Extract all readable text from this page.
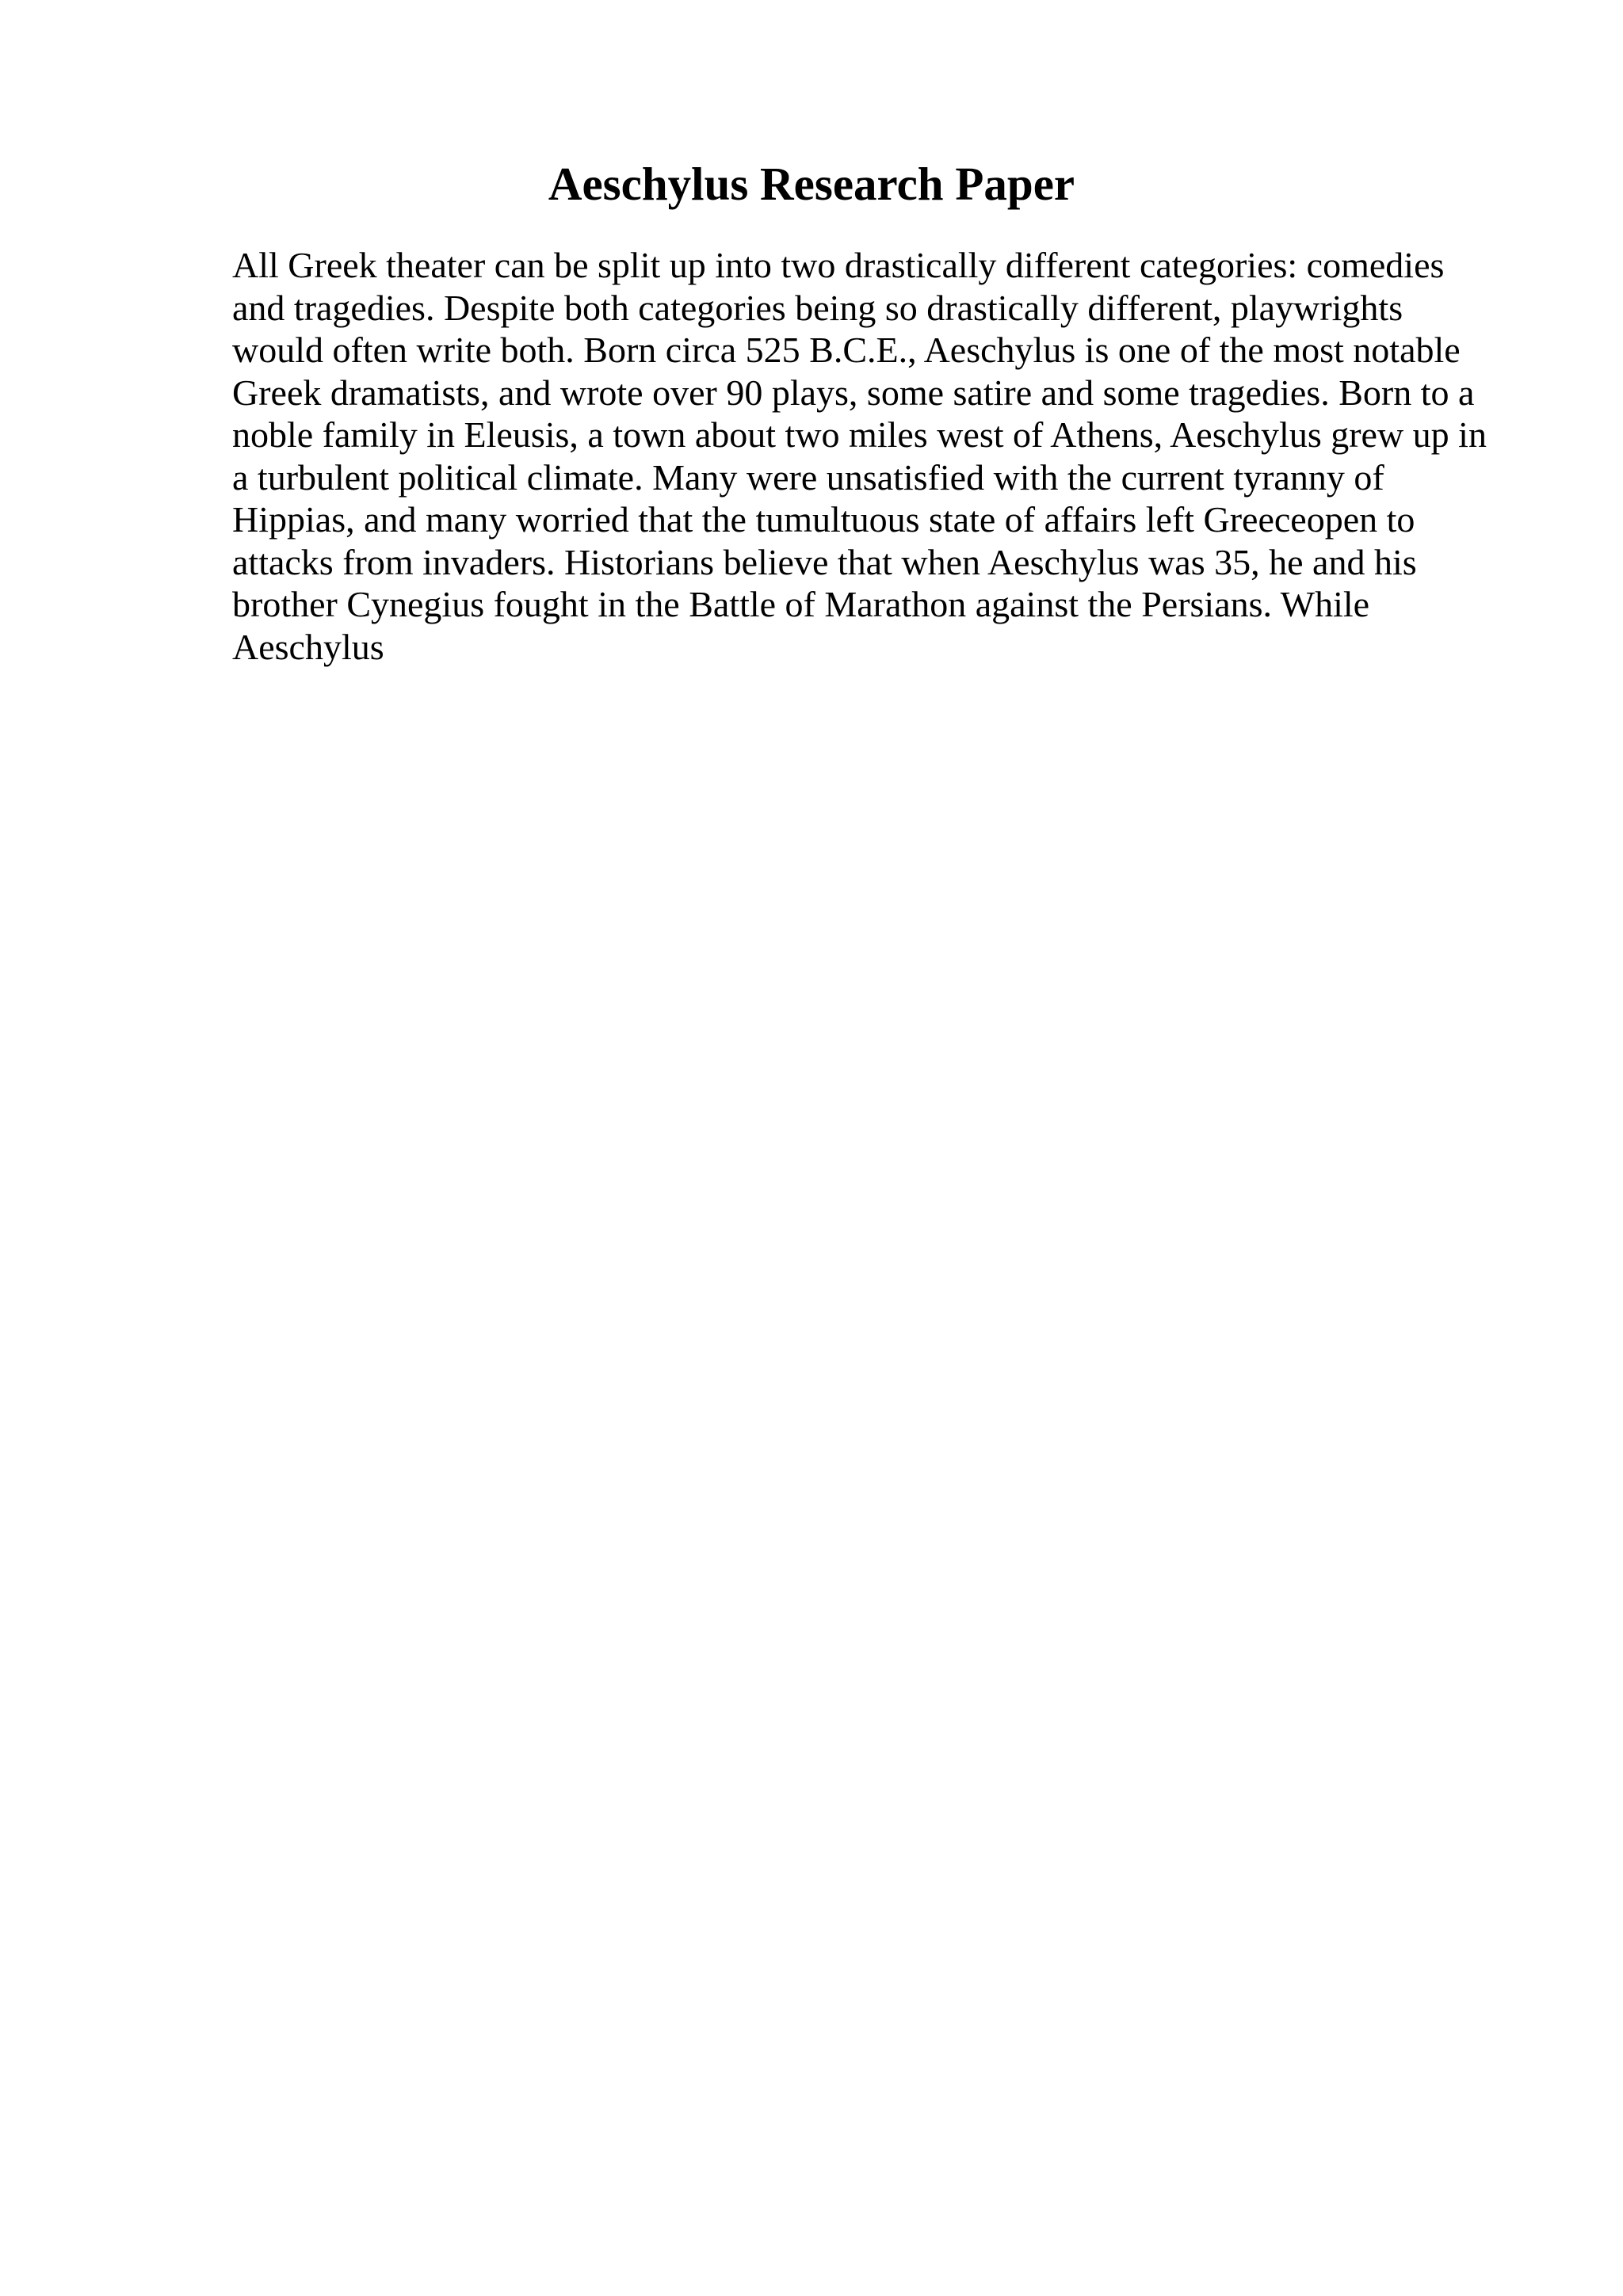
Aeschylus Research Paper
All Greek theater can be split up into two drastically different categories: comedies
and tragedies. Despite both categories being so drastically different, playwrights
would often write both. Born circa 525 B.C.E., Aeschylus is one of the most notable
Greek dramatists, and wrote over 90 plays, some satire and some tragedies. Born to a
noble family in Eleusis, a town about two miles west of Athens, Aeschylus grew up in
a turbulent political climate. Many were unsatisfied with the current tyranny of
Hippias, and many worried that the tumultuous state of affairs left Greeceopen to
attacks from invaders. Historians believe that when Aeschylus was 35, he and his
brother Cynegius fought in the Battle of Marathon against the Persians. While
Aeschylus
